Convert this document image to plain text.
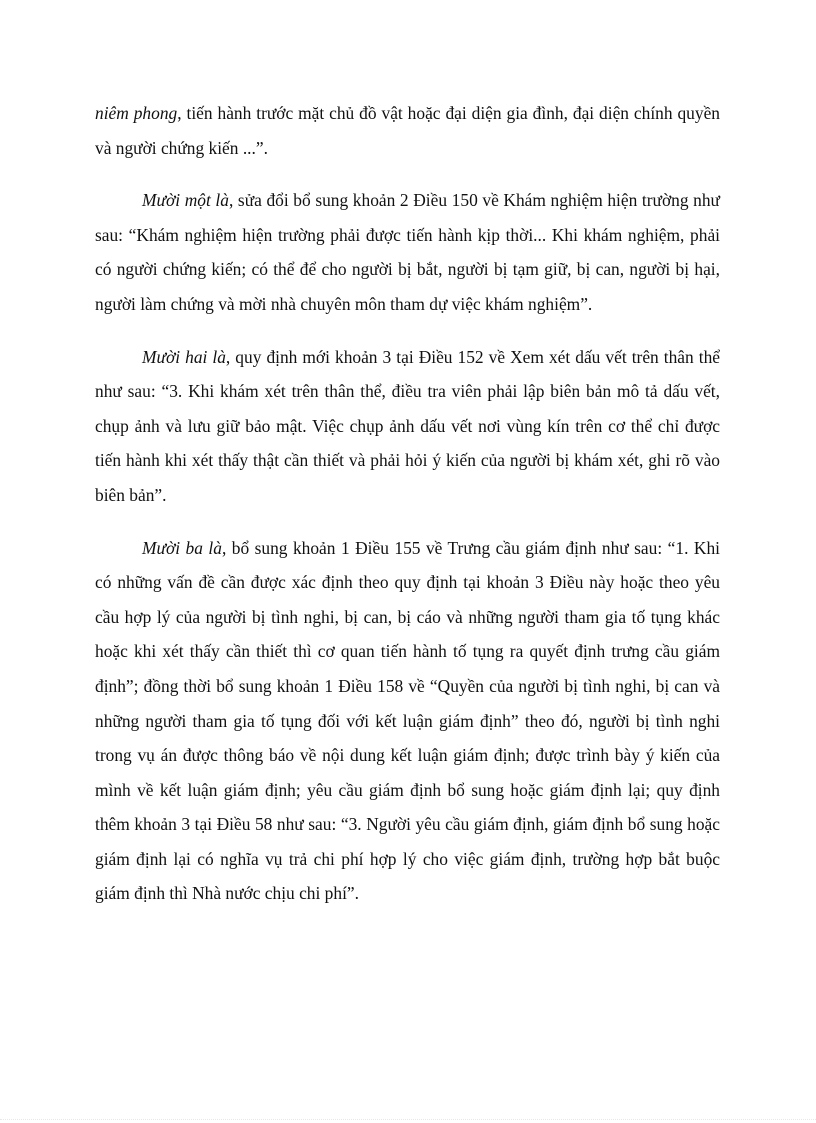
niêm phong, tiến hành trước mặt chủ đồ vật hoặc đại diện gia đình, đại diện chính quyền và người chứng kiến ...”.

Mười một là, sửa đổi bổ sung khoản 2 Điều 150 về Khám nghiệm hiện trường như sau: “Khám nghiệm hiện trường phải được tiến hành kịp thời... Khi khám nghiệm, phải có người chứng kiến; có thể để cho người bị bắt, người bị tạm giữ, bị can, người bị hại, người làm chứng và mời nhà chuyên môn tham dự việc khám nghiệm”.

Mười hai là, quy định mới khoản 3 tại Điều 152 về Xem xét dấu vết trên thân thể như sau: “3. Khi khám xét trên thân thể, điều tra viên phải lập biên bản mô tả dấu vết, chụp ảnh và lưu giữ bảo mật. Việc chụp ảnh dấu vết nơi vùng kín trên cơ thể chỉ được tiến hành khi xét thấy thật cần thiết và phải hỏi ý kiến của người bị khám xét, ghi rõ vào biên bản”.

Mười ba là, bổ sung khoản 1 Điều 155 về Trưng cầu giám định như sau: “1. Khi có những vấn đề cần được xác định theo quy định tại khoản 3 Điều này hoặc theo yêu cầu hợp lý của người bị tình nghi, bị can, bị cáo và những người tham gia tố tụng khác hoặc khi xét thấy cần thiết thì cơ quan tiến hành tố tụng ra quyết định trưng cầu giám định”; đồng thời bổ sung khoản 1 Điều 158 về “Quyền của người bị tình nghi, bị can và những người tham gia tố tụng đối với kết luận giám định” theo đó, người bị tình nghi trong vụ án được thông báo về nội dung kết luận giám định; được trình bày ý kiến của mình về kết luận giám định; yêu cầu giám định bổ sung hoặc giám định lại; quy định thêm khoản 3 tại Điều 58 như sau: “3. Người yêu cầu giám định, giám định bổ sung hoặc giám định lại có nghĩa vụ trả chi phí hợp lý cho việc giám định, trường hợp bắt buộc giám định thì Nhà nước chịu chi phí”.
